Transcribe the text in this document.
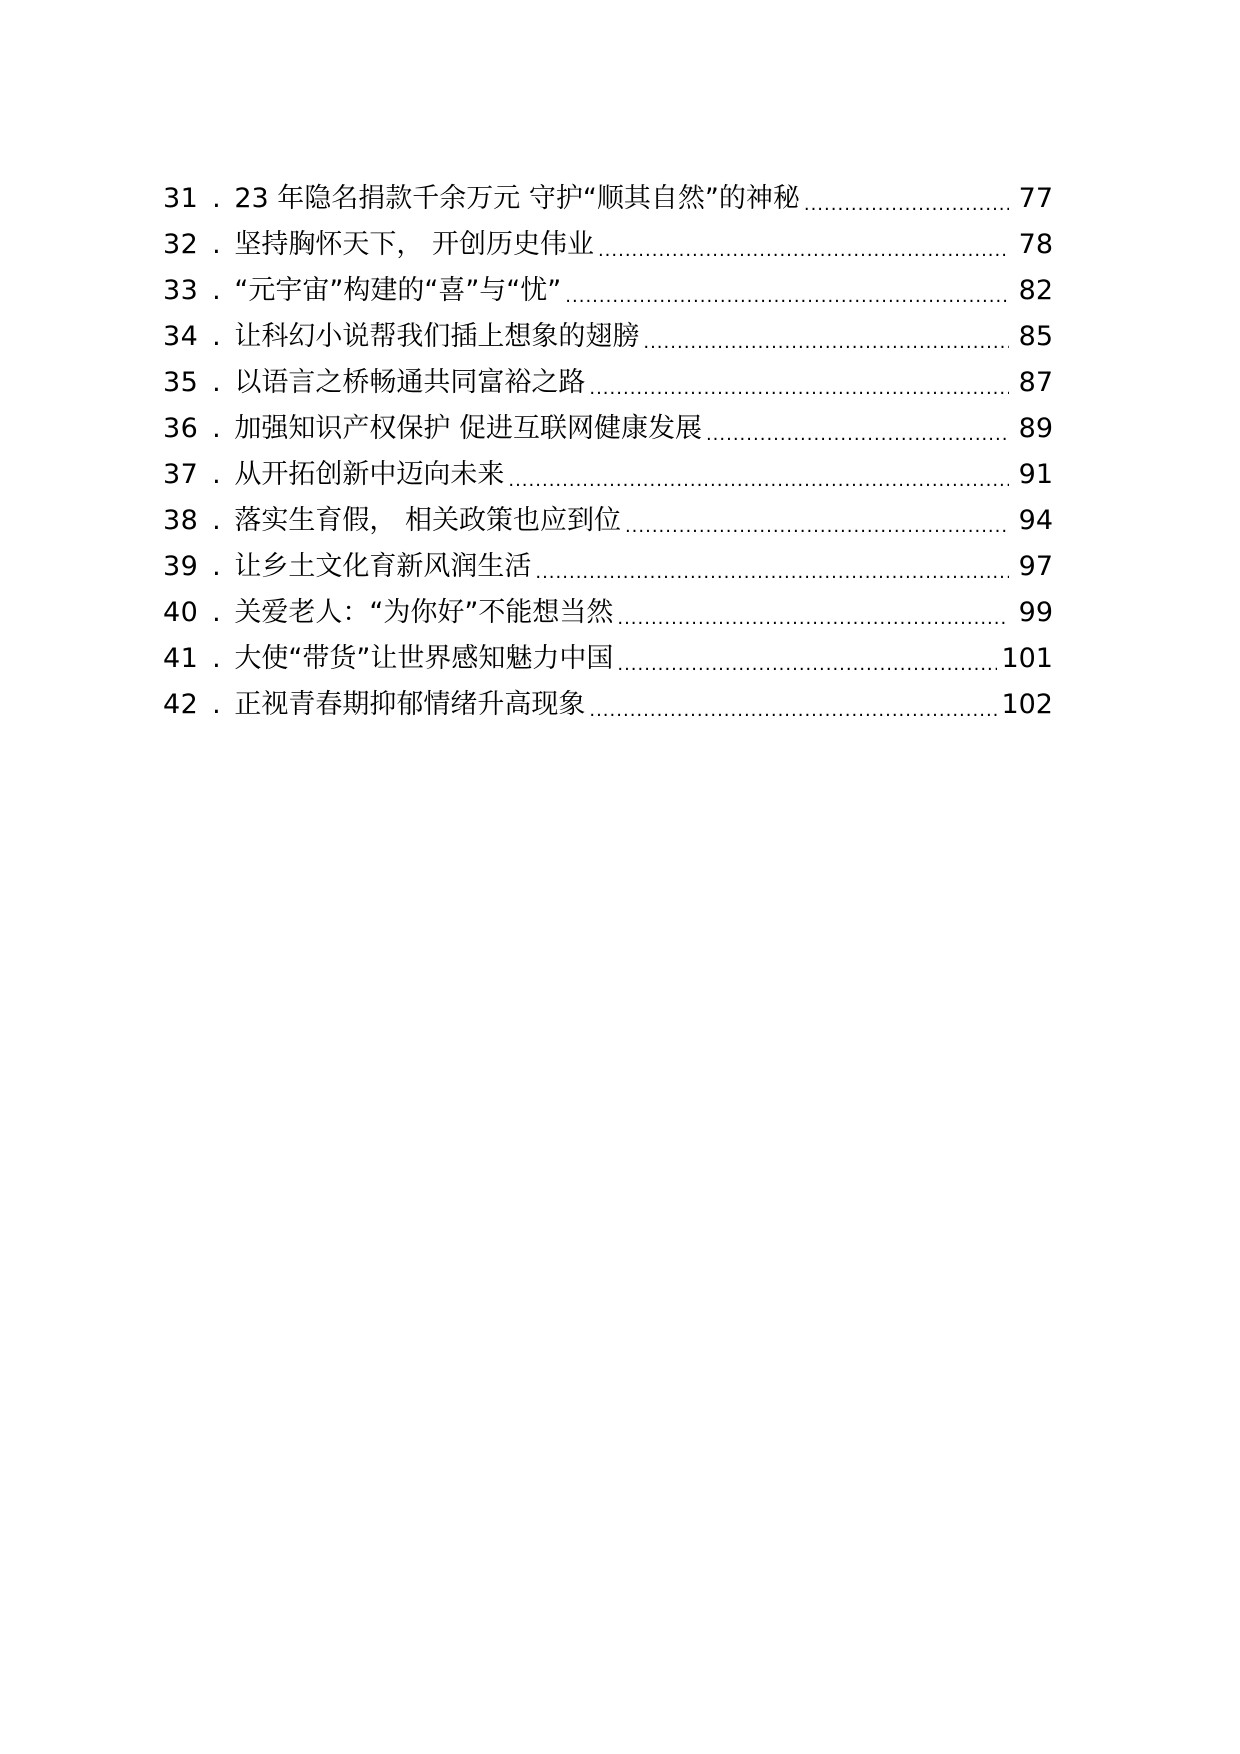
31 . 23 年隐名捐款千余万元 守护“顺其自然”的神秘 .....	77
32 . 坚持胸怀天下， 开创历史伟业 .....	78
33 . “元宇宙”构建的“喜”与“忧” .....	82
34 . 让科幻小说帮我们插上想象的翅膀 .....	85
35 . 以语言之桥畅通共同富裕之路 .....	87
36 . 加强知识产权保护 促进互联网健康发展 .....	89
37 . 从开拓创新中迈向未来 .....	91
38 . 落实生育假， 相关政策也应到位 .....	94
39 . 让乡土文化育新风润生活 .....	97
40 . 关爱老人：“为你好”不能想当然 .....	99
41 . 大使“带货”让世界感知魅力中国 .....	101
42 . 正视青春期抑郁情绪升高现象 .....	102
